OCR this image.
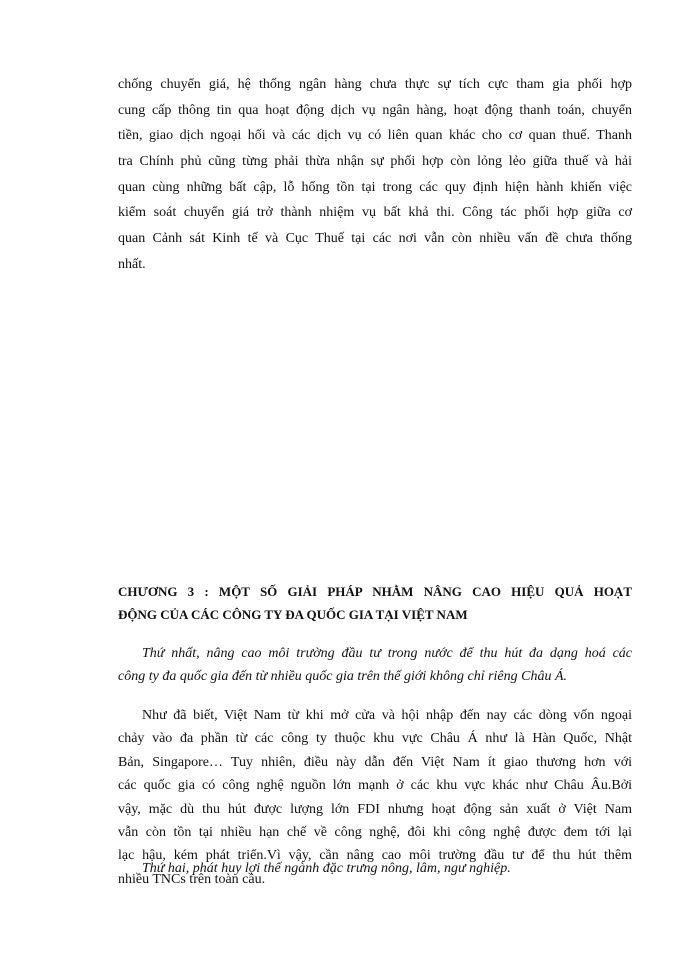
chống chuyển giá, hệ thống ngân hàng chưa thực sự tích cực tham gia phối hợp
cung cấp thông tin qua hoạt động dịch vụ ngân hàng, hoạt động thanh toán, chuyển
tiền, giao dịch ngoại hối và các dịch vụ có liên quan khác cho cơ quan thuế. Thanh
tra Chính phủ cũng từng phải thừa nhận sự phối hợp còn lỏng lẻo giữa thuế và hải
quan cùng những bất cập, lỗ hổng tồn tại trong các quy định hiện hành khiến việc
kiểm soát chuyển giá trở thành nhiệm vụ bất khả thi. Công tác phối hợp giữa cơ
quan Cảnh sát Kinh tế và Cục Thuế tại các nơi vẫn còn nhiều vấn đề chưa thống
nhất.
CHƯƠNG 3 : MỘT SỐ GIẢI PHÁP NHẰM NÂNG CAO HIỆU QUẢ HOẠT
ĐỘNG CỦA CÁC CÔNG TY ĐA QUỐC GIA TẠI VIỆT NAM
Thứ nhất, nâng cao môi trường đầu tư trong nước để thu hút đa dạng hoá các
công ty đa quốc gia đến từ nhiều quốc gia trên thế giới không chỉ riêng Châu Á.
Như đã biết, Việt Nam từ khi mở cửa và hội nhập đến nay các dòng vốn ngoại
chảy vào đa phần từ các công ty thuộc khu vực Châu Á như là Hàn Quốc, Nhật
Bản, Singapore… Tuy nhiên, điều này dẫn đến Việt Nam ít giao thương hơn với
các quốc gia có công nghệ nguồn lớn mạnh ở các khu vực khác như Châu Âu.Bởi
vậy, mặc dù thu hút được lượng lớn FDI nhưng hoạt động sản xuất ở Việt Nam
vẫn còn tồn tại nhiều hạn chế về công nghệ, đôi khi công nghệ được đem tới lại
lạc hậu, kém phát triển.Vì vậy, cần nâng cao môi trường đầu tư để thu hút thêm
nhiều TNCs trên toàn cầu.
Thứ hai, phát huy lợi thế ngành đặc trưng nông, lâm, ngư nghiệp.
